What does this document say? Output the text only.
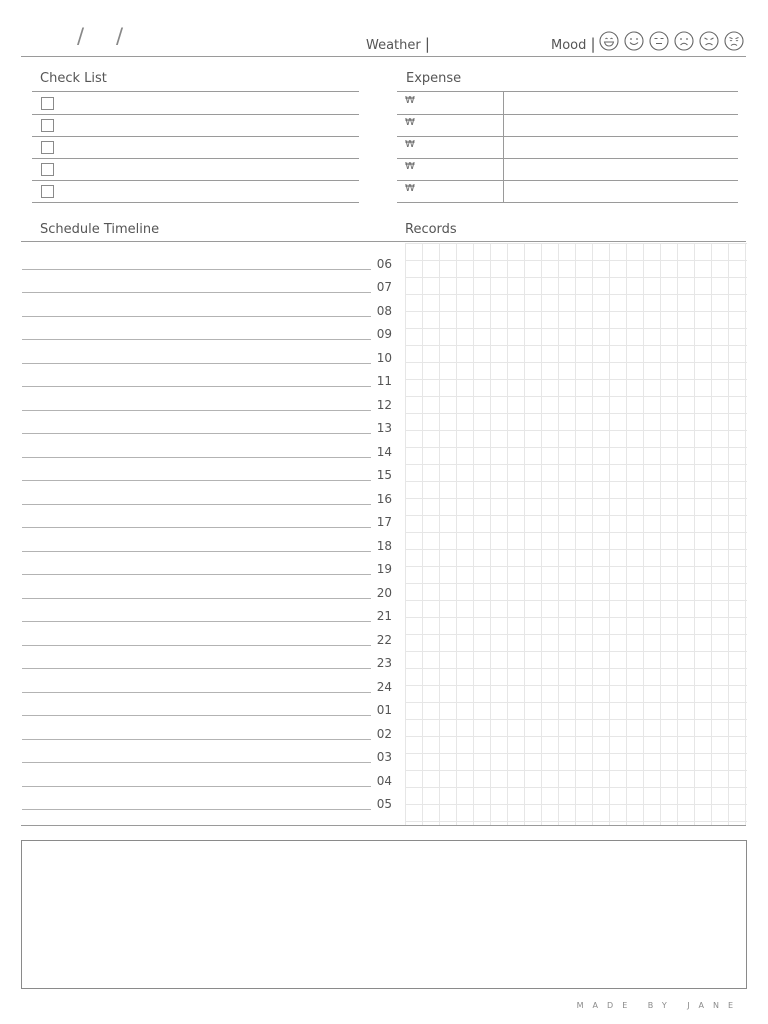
/ /	Weather |	Mood |
Check List	Expense
₩
₩
₩
₩
₩
Schedule Timeline	Records
06
07
08
09
10
11
12
13
14
15
16
17
18
19
20
21
22
23
24
01
02
03
04
05
MADE BY JANE
